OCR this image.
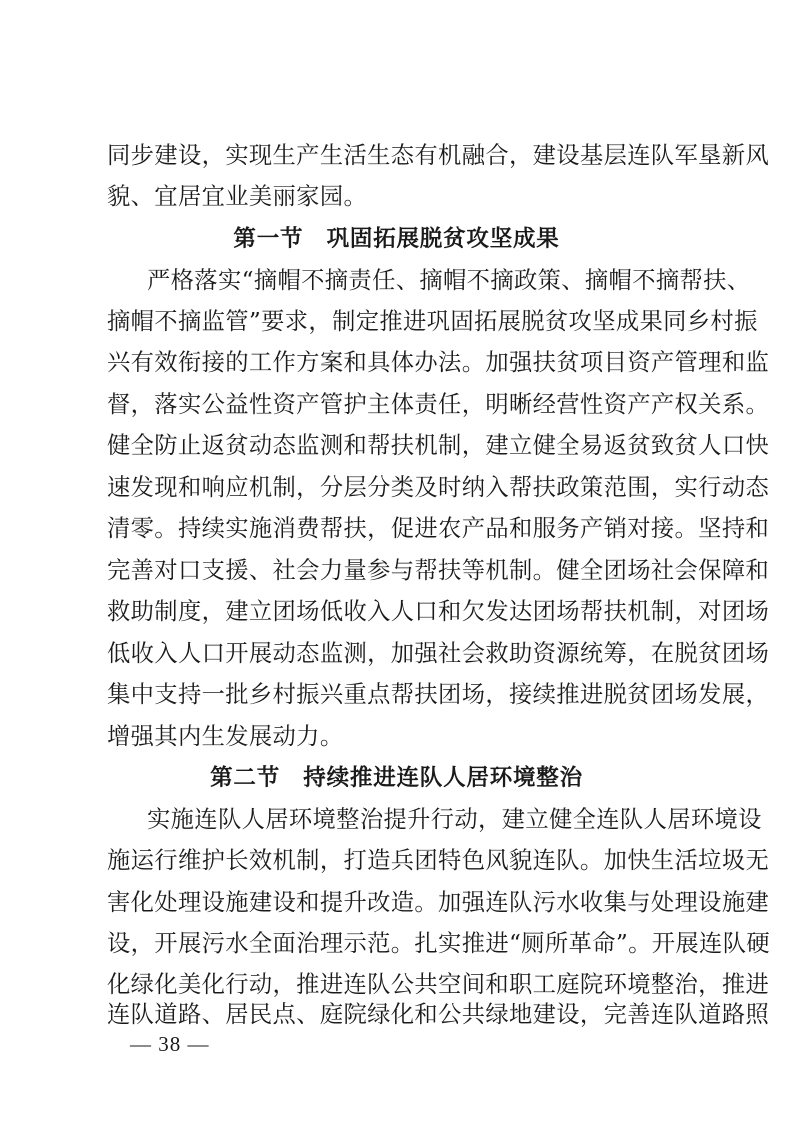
同步建设，实现生产生活生态有机融合，建设基层连队军垦新风
貌、宜居宜业美丽家园。
第一节　巩固拓展脱贫攻坚成果
严格落实“摘帽不摘责任、摘帽不摘政策、摘帽不摘帮扶、
摘帽不摘监管”要求，制定推进巩固拓展脱贫攻坚成果同乡村振
兴有效衔接的工作方案和具体办法。加强扶贫项目资产管理和监
督，落实公益性资产管护主体责任，明晰经营性资产产权关系。
健全防止返贫动态监测和帮扶机制，建立健全易返贫致贫人口快
速发现和响应机制，分层分类及时纳入帮扶政策范围，实行动态
清零。持续实施消费帮扶，促进农产品和服务产销对接。坚持和
完善对口支援、社会力量参与帮扶等机制。健全团场社会保障和
救助制度，建立团场低收入人口和欠发达团场帮扶机制，对团场
低收入人口开展动态监测，加强社会救助资源统筹，在脱贫团场
集中支持一批乡村振兴重点帮扶团场，接续推进脱贫团场发展，
增强其内生发展动力。
第二节　持续推进连队人居环境整治
实施连队人居环境整治提升行动，建立健全连队人居环境设
施运行维护长效机制，打造兵团特色风貌连队。加快生活垃圾无
害化处理设施建设和提升改造。加强连队污水收集与处理设施建
设，开展污水全面治理示范。扎实推进“厕所革命”。开展连队硬
化绿化美化行动，推进连队公共空间和职工庭院环境整治，推进
— 38 —
连队道路、居民点、庭院绿化和公共绿地建设，完善连队道路照
